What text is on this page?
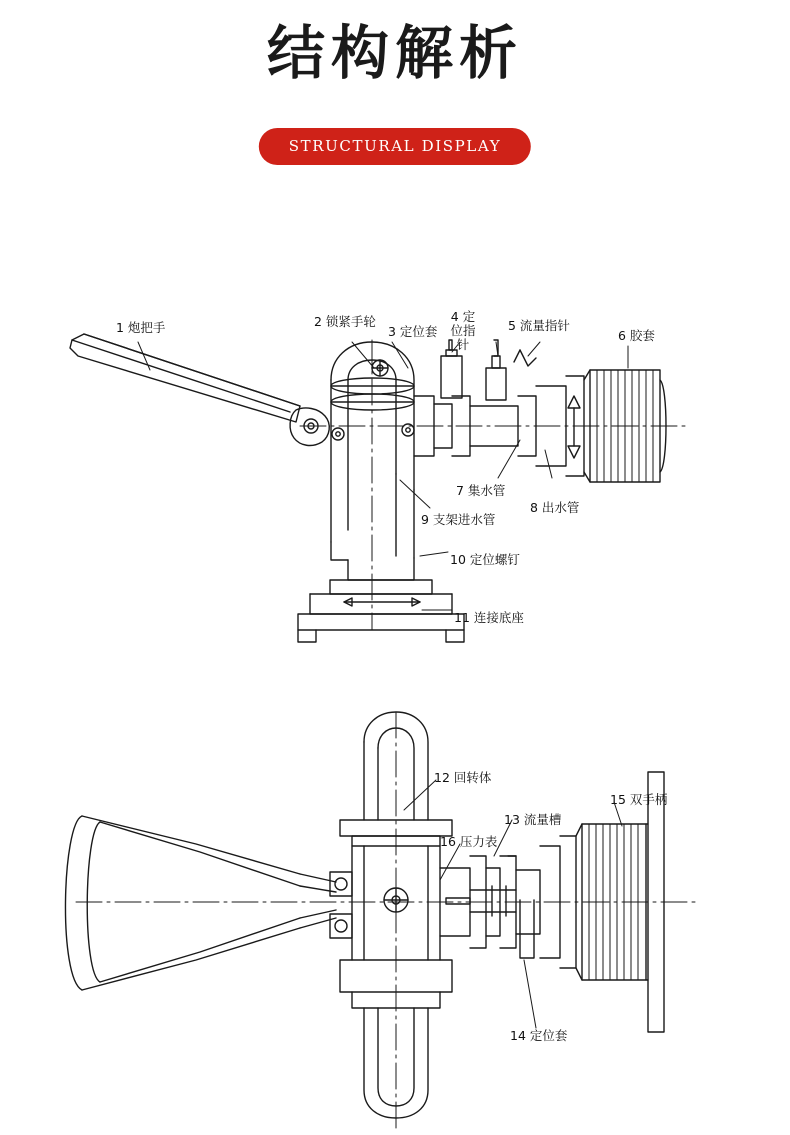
结构解析
STRUCTURAL DISPLAY
1 炮把手	2 锁紧手轮
3 定位套
4 定位指针
5 流量指针
6 胶套
7 集水管
8 出水管
9 支架进水管
10 定位螺钉
11 连接底座
12 回转体
13 流量槽
14 定位套
15 双手柄
16 压力表
